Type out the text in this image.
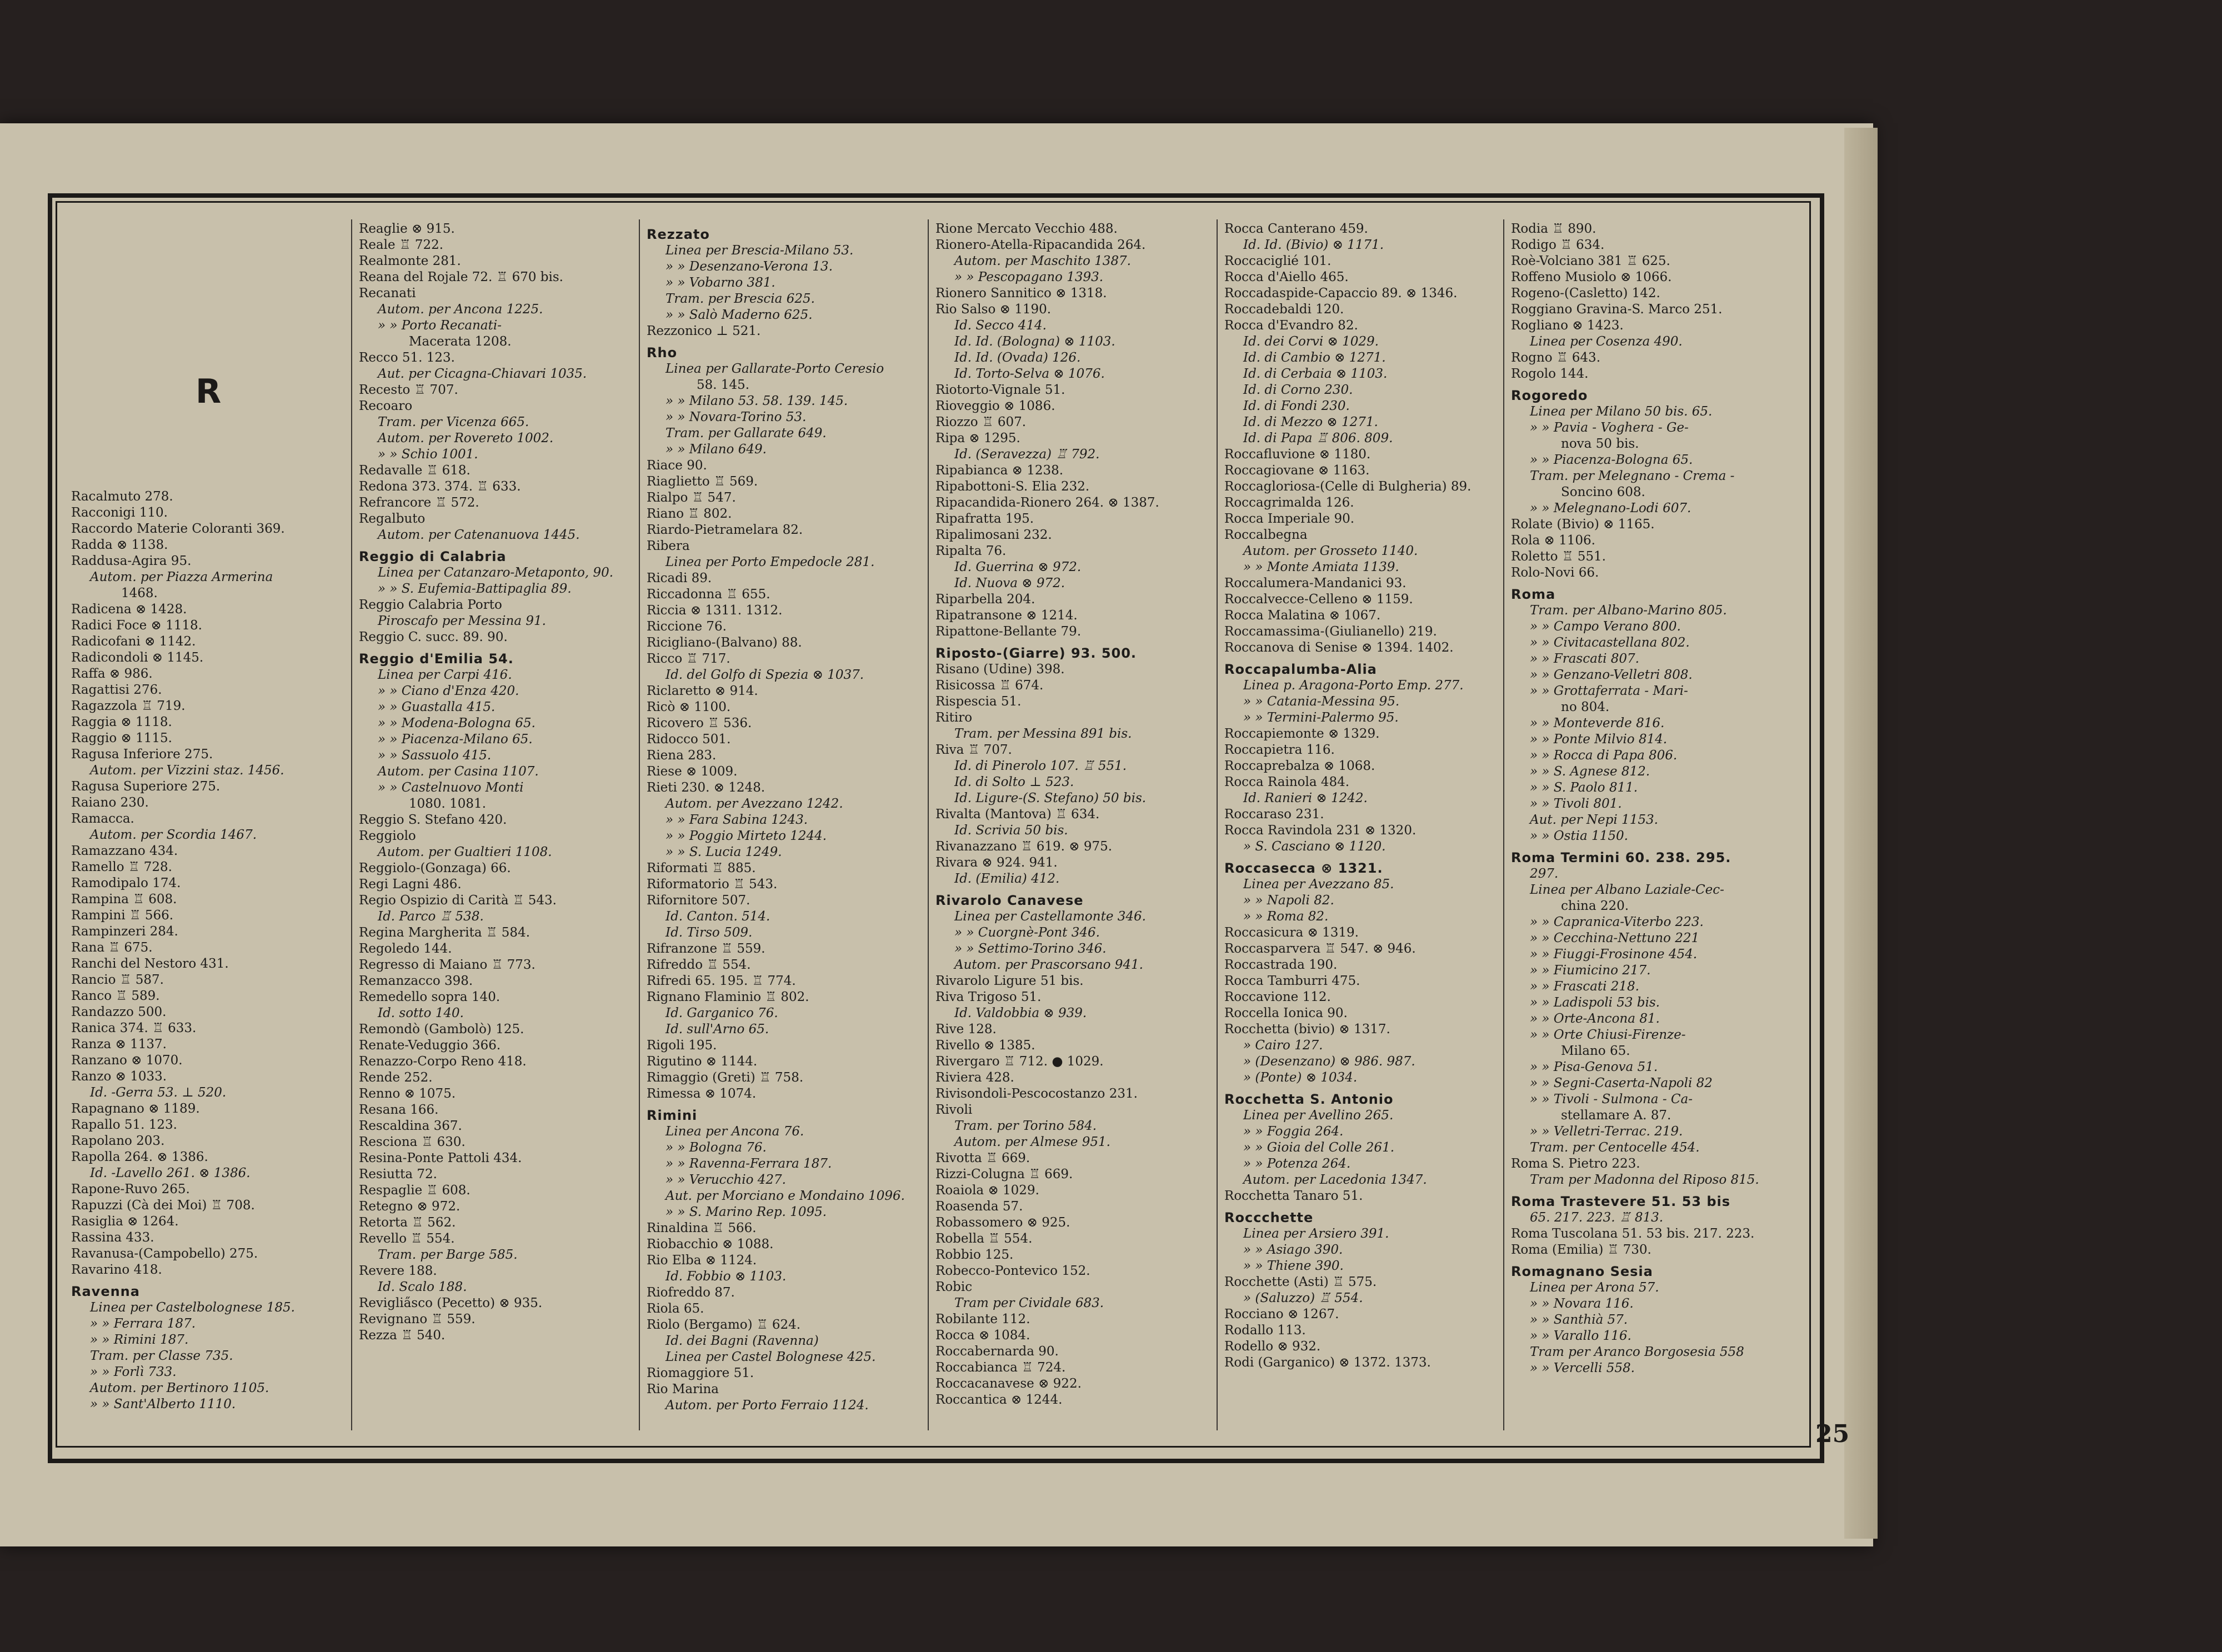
R
Racalmuto 278.
Racconigi 110.
Raccordo Materie Coloranti 369.
Radda ⊗ 1138.
Raddusa-Agira 95.
Autom. per Piazza Armerina
1468.
Radicena ⊗ 1428.
Radici Foce ⊗ 1118.
Radicofani ⊗ 1142.
Radicondoli ⊗ 1145.
Raffa ⊗ 986.
Ragattisi 276.
Ragazzola ♖ 719.
Raggia ⊗ 1118.
Raggio ⊗ 1115.
Ragusa Inferiore 275.
Autom. per Vizzini staz. 1456.
Ragusa Superiore 275.
Raiano 230.
Ramacca.
Autom. per Scordia 1467.
Ramazzano 434.
Ramello ♖ 728.
Ramodipalo 174.
Rampina ♖ 608.
Rampini ♖ 566.
Rampinzeri 284.
Rana ♖ 675.
Ranchi del Nestoro 431.
Rancio ♖ 587.
Ranco ♖ 589.
Randazzo 500.
Ranica 374. ♖ 633.
Ranza ⊗ 1137.
Ranzano ⊗ 1070.
Ranzo ⊗ 1033.
Id. -Gerra 53. ⊥ 520.
Rapagnano ⊗ 1189.
Rapallo 51. 123.
Rapolano 203.
Rapolla 264. ⊗ 1386.
Id. -Lavello 261. ⊗ 1386.
Rapone-Ruvo 265.
Rapuzzi (Cà dei Moi) ♖ 708.
Rasiglia ⊗ 1264.
Rassina 433.
Ravanusa-(Campobello) 275.
Ravarino 418.
Ravenna
Linea per Castelbolognese 185.
» » Ferrara 187.
» » Rimini 187.
Tram. per Classe 735.
» » Forlì 733.
Autom. per Bertinoro 1105.
» » Sant'Alberto 1110.
Reaglie ⊗ 915.
Reale ♖ 722.
Realmonte 281.
Reana del Rojale 72. ♖ 670 bis.
Recanati
Autom. per Ancona 1225.
» » Porto Recanati-
Macerata 1208.
Recco 51. 123.
Aut. per Cicagna-Chiavari 1035.
Recesto ♖ 707.
Recoaro
Tram. per Vicenza 665.
Autom. per Rovereto 1002.
» » Schio 1001.
Redavalle ♖ 618.
Redona 373. 374. ♖ 633.
Refrancore ♖ 572.
Regalbuto
Autom. per Catenanuova 1445.
Reggio di Calabria
Linea per Catanzaro-Metaponto, 90.
» » S. Eufemia-Battipaglia 89.
Reggio Calabria Porto
Piroscafo per Messina 91.
Reggio C. succ. 89. 90.
Reggio d'Emilia 54.
Linea per Carpi 416.
» » Ciano d'Enza 420.
» » Guastalla 415.
» » Modena-Bologna 65.
» » Piacenza-Milano 65.
» » Sassuolo 415.
Autom. per Casina 1107.
» » Castelnuovo Monti
1080. 1081.
Reggio S. Stefano 420.
Reggiolo
Autom. per Gualtieri 1108.
Reggiolo-(Gonzaga) 66.
Regi Lagni 486.
Regio Ospizio di Carità ♖ 543.
Id. Parco ♖ 538.
Regina Margherita ♖ 584.
Regoledo 144.
Regresso di Maiano ♖ 773.
Remanzacco 398.
Remedello sopra 140.
Id. sotto 140.
Remondò (Gambolò) 125.
Renate-Veduggio 366.
Renazzo-Corpo Reno 418.
Rende 252.
Renno ⊗ 1075.
Resana 166.
Rescaldina 367.
Resciona ♖ 630.
Resina-Ponte Pattoli 434.
Resiutta 72.
Respaglie ♖ 608.
Retegno ⊗ 972.
Retorta ♖ 562.
Revello ♖ 554.
Tram. per Barge 585.
Revere 188.
Id. Scalo 188.
Reviglia̋sco (Pecetto) ⊗ 935.
Revignano ♖ 559.
Rezza ♖ 540.
Rezzato
Linea per Brescia-Milano 53.
» » Desenzano-Verona 13.
» » Vobarno 381.
Tram. per Brescia 625.
» » Salò Maderno 625.
Rezzonico ⊥ 521.
Rho
Linea per Gallarate-Porto Ceresio
58. 145.
» » Milano 53. 58. 139. 145.
» » Novara-Torino 53.
Tram. per Gallarate 649.
» » Milano 649.
Riace 90.
Riaglietto ♖ 569.
Rialpo ♖ 547.
Riano ♖ 802.
Riardo-Pietramelara 82.
Ribera
Linea per Porto Empedocle 281.
Ricadi 89.
Riccadonna ♖ 655.
Riccia ⊗ 1311. 1312.
Riccione 76.
Ricigliano-(Balvano) 88.
Ricco ♖ 717.
Id. del Golfo di Spezia ⊗ 1037.
Riclaretto ⊗ 914.
Ricò ⊗ 1100.
Ricovero ♖ 536.
Ridocco 501.
Riena 283.
Riese ⊗ 1009.
Rieti 230. ⊗ 1248.
Autom. per Avezzano 1242.
» » Fara Sabina 1243.
» » Poggio Mirteto 1244.
» » S. Lucia 1249.
Riformati ♖ 885.
Riformatorio ♖ 543.
Rifornitore 507.
Id. Canton. 514.
Id. Tirso 509.
Rifranzone ♖ 559.
Rifreddo ♖ 554.
Rifredi 65. 195. ♖ 774.
Rignano Flaminio ♖ 802.
Id. Garganico 76.
Id. sull'Arno 65.
Rigoli 195.
Rigutino ⊗ 1144.
Rimaggio (Greti) ♖ 758.
Rimessa ⊗ 1074.
Rimini
Linea per Ancona 76.
» » Bologna 76.
» » Ravenna-Ferrara 187.
» » Verucchio 427.
Aut. per Morciano e Mondaino 1096.
» » S. Marino Rep. 1095.
Rinaldina ♖ 566.
Riobacchio ⊗ 1088.
Rio Elba ⊗ 1124.
Id. Fobbio ⊗ 1103.
Riofreddo 87.
Riola 65.
Riolo (Bergamo) ♖ 624.
Id. dei Bagni (Ravenna)
Linea per Castel Bolognese 425.
Riomaggiore 51.
Rio Marina
Autom. per Porto Ferraio 1124.
Rione Mercato Vecchio 488.
Rionero-Atella-Ripacandida 264.
Autom. per Maschito 1387.
» » Pescopagano 1393.
Rionero Sannitico ⊗ 1318.
Rio Salso ⊗ 1190.
Id. Secco 414.
Id. Id. (Bologna) ⊗ 1103.
Id. Id. (Ovada) 126.
Id. Torto-Selva ⊗ 1076.
Riotorto-Vignale 51.
Rioveggio ⊗ 1086.
Riozzo ♖ 607.
Ripa ⊗ 1295.
Id. (Seravezza) ♖ 792.
Ripabianca ⊗ 1238.
Ripabottoni-S. Elia 232.
Ripacandida-Rionero 264. ⊗ 1387.
Ripafratta 195.
Ripalimosani 232.
Ripalta 76.
Id. Guerrina ⊗ 972.
Id. Nuova ⊗ 972.
Riparbella 204.
Ripatransone ⊗ 1214.
Ripattone-Bellante 79.
Riposto-(Giarre) 93. 500.
Risano (Udine) 398.
Risicossa ♖ 674.
Rispescia 51.
Ritiro
Tram. per Messina 891 bis.
Riva ♖ 707.
Id. di Pinerolo 107. ♖ 551.
Id. di Solto ⊥ 523.
Id. Ligure-(S. Stefano) 50 bis.
Rivalta (Mantova) ♖ 634.
Id. Scrivia 50 bis.
Rivanazzano ♖ 619. ⊗ 975.
Rivara ⊗ 924. 941.
Id. (Emilia) 412.
Rivarolo Canavese
Linea per Castellamonte 346.
» » Cuorgnè-Pont 346.
» » Settimo-Torino 346.
Autom. per Prascorsano 941.
Rivarolo Ligure 51 bis.
Riva Trigoso 51.
Id. Valdobbia ⊗ 939.
Rive 128.
Rivello ⊗ 1385.
Rivergaro ♖ 712. ● 1029.
Riviera 428.
Rivisondoli-Pescocostanzo 231.
Rivoli
Tram. per Torino 584.
Autom. per Almese 951.
Rivotta ♖ 669.
Rizzi-Colugna ♖ 669.
Roaiola ⊗ 1029.
Roasenda 57.
Robassomero ⊗ 925.
Robella ♖ 554.
Robbio 125.
Robecco-Pontevico 152.
Robic
Tram per Cividale 683.
Robilante 112.
Rocca ⊗ 1084.
Roccabernarda 90.
Roccabianca ♖ 724.
Roccacanavese ⊗ 922.
Roccantica ⊗ 1244.
Rocca Canterano 459.
Id. Id. (Bivio) ⊗ 1171.
Roccaciglié 101.
Rocca d'Aiello 465.
Roccadaspide-Capaccio 89. ⊗ 1346.
Roccadebaldi 120.
Rocca d'Evandro 82.
Id. dei Corvi ⊗ 1029.
Id. di Cambio ⊗ 1271.
Id. di Cerbaia ⊗ 1103.
Id. di Corno 230.
Id. di Fondi 230.
Id. di Mezzo ⊗ 1271.
Id. di Papa ♖ 806. 809.
Roccafluvione ⊗ 1180.
Roccagiovane ⊗ 1163.
Roccagloriosa-(Celle di Bulgheria) 89.
Roccagrimalda 126.
Rocca Imperiale 90.
Roccalbegna
Autom. per Grosseto 1140.
» » Monte Amiata 1139.
Roccalumera-Mandanici 93.
Roccalvecce-Celleno ⊗ 1159.
Rocca Malatina ⊗ 1067.
Roccamassima-(Giulianello) 219.
Roccanova di Senise ⊗ 1394. 1402.
Roccapalumba-Alia
Linea p. Aragona-Porto Emp. 277.
» » Catania-Messina 95.
» » Termini-Palermo 95.
Roccapiemonte ⊗ 1329.
Roccapietra 116.
Roccaprebalza ⊗ 1068.
Rocca Rainola 484.
Id. Ranieri ⊗ 1242.
Roccaraso 231.
Rocca Ravindola 231 ⊗ 1320.
» S. Casciano ⊗ 1120.
Roccasecca ⊗ 1321.
Linea per Avezzano 85.
» » Napoli 82.
» » Roma 82.
Roccasicura ⊗ 1319.
Roccasparvera ♖ 547. ⊗ 946.
Roccastrada 190.
Rocca Tamburri 475.
Roccavione 112.
Roccella Ionica 90.
Rocchetta (bivio) ⊗ 1317.
» Cairo 127.
» (Desenzano) ⊗ 986. 987.
» (Ponte) ⊗ 1034.
Rocchetta S. Antonio
Linea per Avellino 265.
» » Foggia 264.
» » Gioia del Colle 261.
» » Potenza 264.
Autom. per Lacedonia 1347.
Rocchetta Tanaro 51.
Roccchette
Linea per Arsiero 391.
» » Asiago 390.
» » Thiene 390.
Rocchette (Asti) ♖ 575.
» (Saluzzo) ♖ 554.
Rocciano ⊗ 1267.
Rodallo 113.
Rodello ⊗ 932.
Rodi (Garganico) ⊗ 1372. 1373.
Rodia ♖ 890.
Rodigo ♖ 634.
Roè-Volciano 381 ♖ 625.
Roffeno Musiolo ⊗ 1066.
Rogeno-(Casletto) 142.
Roggiano Gravina-S. Marco 251.
Rogliano ⊗ 1423.
Linea per Cosenza 490.
Rogno ♖ 643.
Rogolo 144.
Rogoredo
Linea per Milano 50 bis. 65.
» » Pavia - Voghera - Ge-
nova 50 bis.
» » Piacenza-Bologna 65.
Tram. per Melegnano - Crema -
Soncino 608.
» » Melegnano-Lodi 607.
Rolate (Bivio) ⊗ 1165.
Rola ⊗ 1106.
Roletto ♖ 551.
Rolo-Novi 66.
Roma
Tram. per Albano-Marino 805.
» » Campo Verano 800.
» » Civitacastellana 802.
» » Frascati 807.
» » Genzano-Velletri 808.
» » Grottaferrata - Mari-
no 804.
» » Monteverde 816.
» » Ponte Milvio 814.
» » Rocca di Papa 806.
» » S. Agnese 812.
» » S. Paolo 811.
» » Tivoli 801.
Aut. per Nepi 1153.
» » Ostia 1150.
Roma Termini 60. 238. 295.
297.
Linea per Albano Laziale-Cec-
china 220.
» » Capranica-Viterbo 223.
» » Cecchina-Nettuno 221
» » Fiuggi-Frosinone 454.
» » Fiumicino 217.
» » Frascati 218.
» » Ladispoli 53 bis.
» » Orte-Ancona 81.
» » Orte Chiusi-Firenze-
Milano 65.
» » Pisa-Genova 51.
» » Segni-Caserta-Napoli 82
» » Tivoli - Sulmona - Ca-
stellamare A. 87.
» » Velletri-Terrac. 219.
Tram. per Centocelle 454.
Roma S. Pietro 223.
Tram per Madonna del Riposo 815.
Roma Trastevere 51. 53 bis
65. 217. 223. ♖ 813.
Roma Tuscolana 51. 53 bis. 217. 223.
Roma (Emilia) ♖ 730.
Romagnano Sesia
Linea per Arona 57.
» » Novara 116.
» » Santhià 57.
» » Varallo 116.
Tram per Aranco Borgosesia 558
» » Vercelli 558.
25
